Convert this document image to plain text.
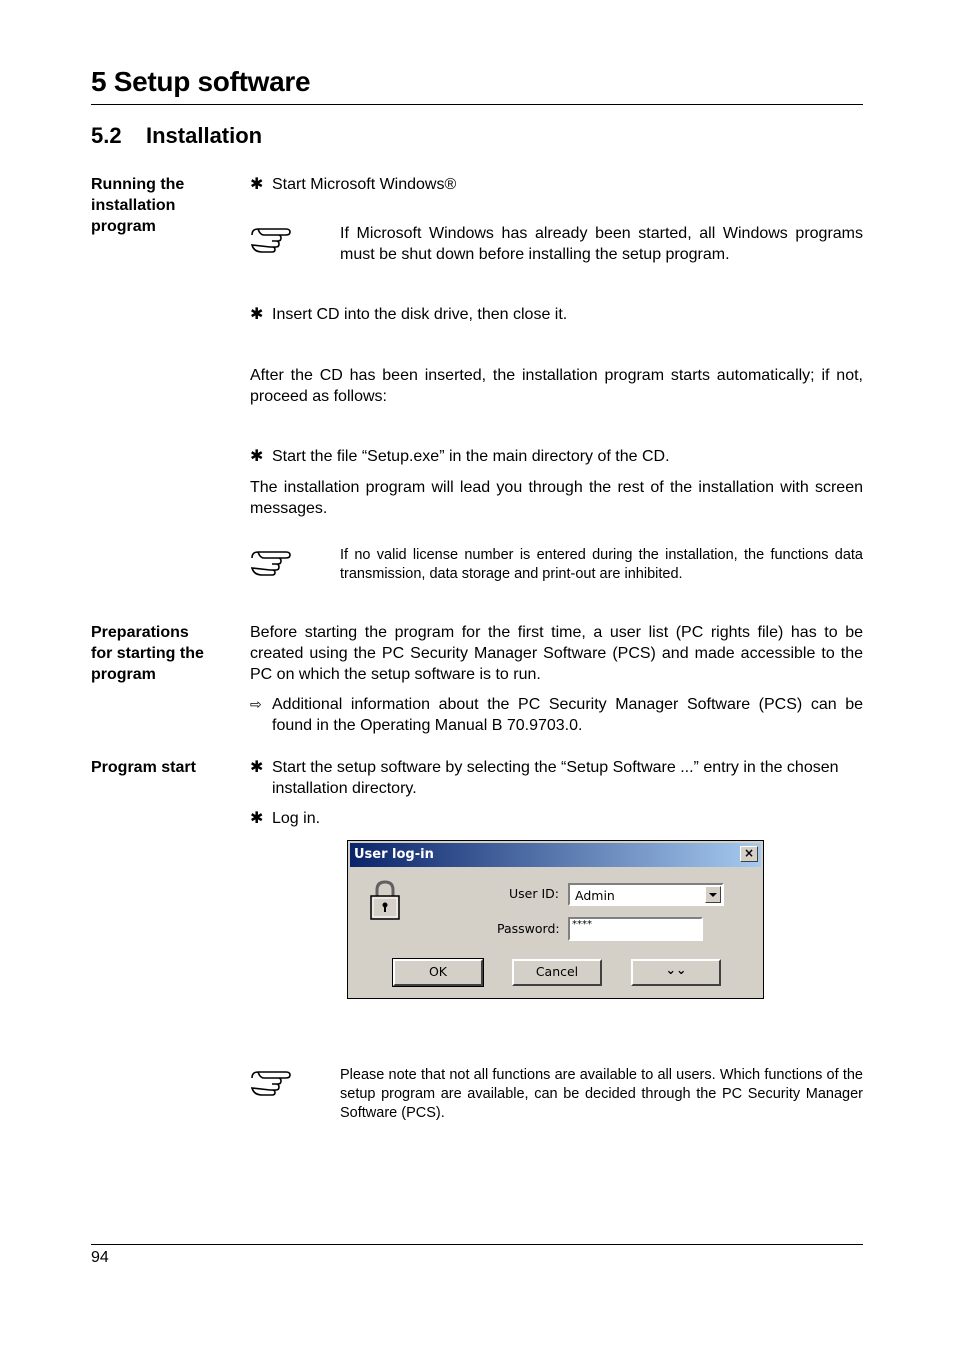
5 Setup software
5.2 Installation
Running the
installation
program
✱ Start Microsoft Windows®
If Microsoft Windows has already been started, all Windows programs must be shut down before installing the setup program.
✱ Insert CD into the disk drive, then close it.
After the CD has been inserted, the installation program starts automatically; if not, proceed as follows:
✱ Start the file “Setup.exe” in the main directory of the CD.
The installation program will lead you through the rest of the installation with screen messages.
If no valid license number is entered during the installation, the functions data transmission, data storage and print-out are inhibited.
Preparations
for starting the
program
Before starting the program for the first time, a user list (PC rights file) has to be created using the PC Security Manager Software (PCS) and made accessible to the PC on which the setup software is to run.
⇨ Additional information about the PC Security Manager Software (PCS) can be found in the Operating Manual B 70.9703.0.
Program start	✱ Start the setup software by selecting the “Setup Software ...” entry in the chosen installation directory.
✱ Log in.
User log-in	×
User ID: Admin
Password: ****
OK	Cancel	⌄⌄
Please note that not all functions are available to all users. Which functions of the setup program are available, can be decided through the PC Security Manager Software (PCS).
94
